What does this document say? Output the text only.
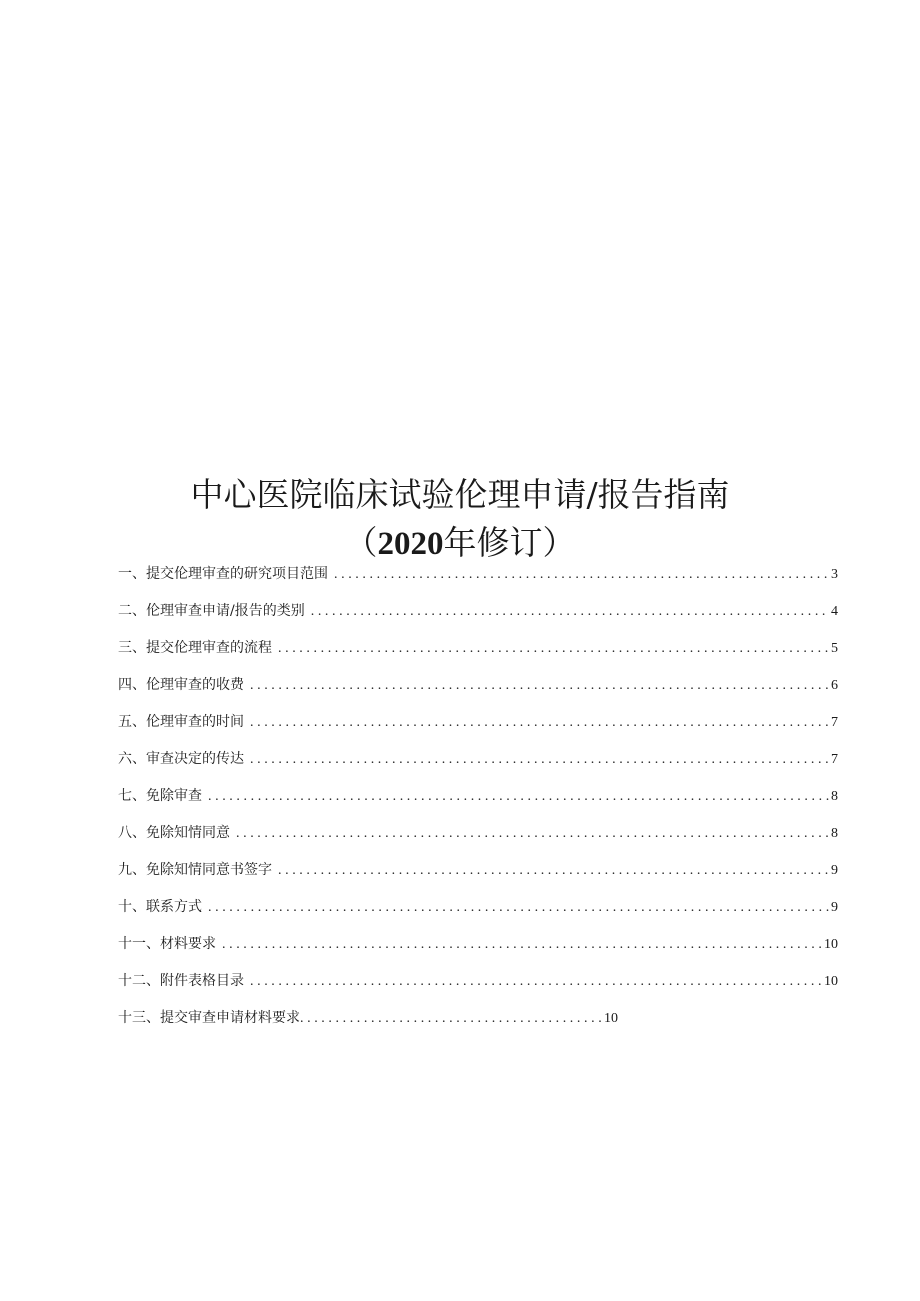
中心医院临床试验伦理申请/报告指南
（2020年修订）
一、提交伦理审查的研究项目范围 .....	3
二、伦理审查申请/报告的类别 .....	4
三、提交伦理审查的流程 .....	5
四、伦理审查的收费 .....	6
五、伦理审查的时间 .....	7
六、审查决定的传达 .....	7
七、免除审查 .....	8
八、免除知情同意 .....	8
九、免除知情同意书签字 .....	9
十、联系方式 .....	9
十一、材料要求 .....	10
十二、附件表格目录 .....	10
十三、提交审查申请材料要求 .....	10
